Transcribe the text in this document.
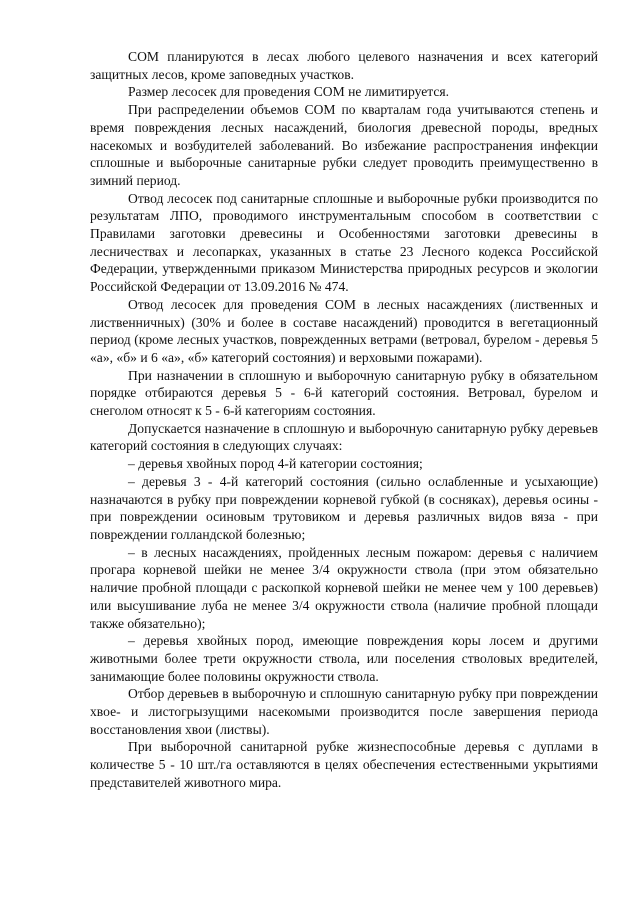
СОМ планируются в лесах любого целевого назначения и всех категорий защитных лесов, кроме заповедных участков.

Размер лесосек для проведения СОМ не лимитируется.

При распределении объемов СОМ по кварталам года учитываются степень и время повреждения лесных насаждений, биология древесной породы, вредных насекомых и возбудителей заболеваний. Во избежание распространения инфекции сплошные и выборочные санитарные рубки следует проводить преимущественно в зимний период.

Отвод лесосек под санитарные сплошные и выборочные рубки производится по результатам ЛПО, проводимого инструментальным способом в соответствии с Правилами заготовки древесины и Особенностями заготовки древесины в лесничествах и лесопарках, указанных в статье 23 Лесного кодекса Российской Федерации, утвержденными приказом Министерства природных ресурсов и экологии Российской Федерации от 13.09.2016 № 474.

Отвод лесосек для проведения СОМ в лесных насаждениях (лиственных и лиственничных) (30% и более в составе насаждений) проводится в вегетационный период (кроме лесных участков, поврежденных ветрами (ветровал, бурелом - деревья 5 «а», «б» и 6 «а», «б» категорий состояния) и верховыми пожарами).

При назначении в сплошную и выборочную санитарную рубку в обязательном порядке отбираются деревья 5 - 6-й категорий состояния. Ветровал, бурелом и снеголом относят к 5 - 6-й категориям состояния.

Допускается назначение в сплошную и выборочную санитарную рубку деревьев категорий состояния в следующих случаях:

– деревья хвойных пород 4-й категории состояния;

– деревья 3 - 4-й категорий состояния (сильно ослабленные и усыхающие) назначаются в рубку при повреждении корневой губкой (в сосняках), деревья осины - при повреждении осиновым трутовиком и деревья различных видов вяза - при повреждении голландской болезнью;

– в лесных насаждениях, пройденных лесным пожаром: деревья с наличием прогара корневой шейки не менее 3/4 окружности ствола (при этом обязательно наличие пробной площади с раскопкой корневой шейки не менее чем у 100 деревьев) или высушивание луба не менее 3/4 окружности ствола (наличие пробной площади также обязательно);

– деревья хвойных пород, имеющие повреждения коры лосем и другими животными более трети окружности ствола, или поселения стволовых вредителей, занимающие более половины окружности ствола.

Отбор деревьев в выборочную и сплошную санитарную рубку при повреждении хвое- и листогрызущими насекомыми производится после завершения периода восстановления хвои (листвы).

При выборочной санитарной рубке жизнеспособные деревья с дуплами в количестве 5 - 10 шт./га оставляются в целях обеспечения естественными укрытиями представителей животного мира.
